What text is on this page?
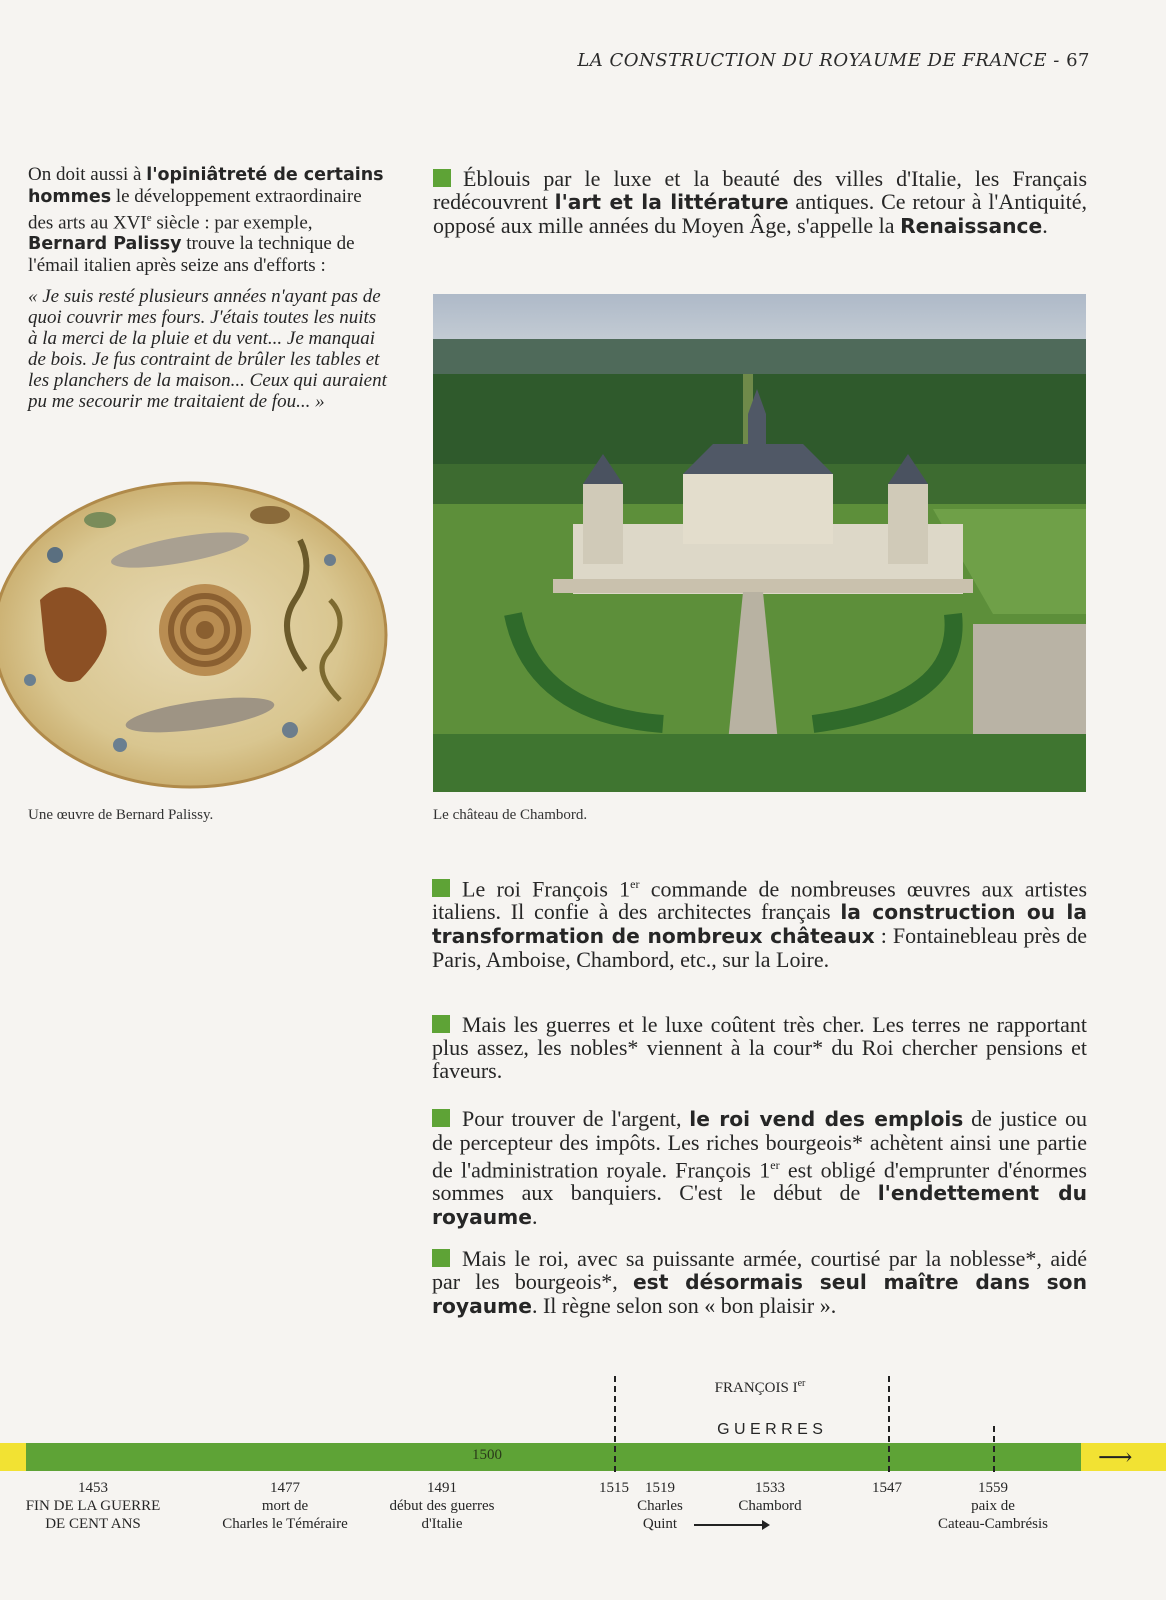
LA CONSTRUCTION DU ROYAUME DE FRANCE - 67

On doit aussi à l'opiniâtreté de certains hommes le développement extraordinaire des arts au XVIe siècle : par exemple, Bernard Palissy trouve la technique de l'émail italien après seize ans d'efforts :

« Je suis resté plusieurs années n'ayant pas de quoi couvrir mes fours. J'étais toutes les nuits à la merci de la pluie et du vent... Je manquai de bois. Je fus contraint de brûler les tables et les planchers de la maison... Ceux qui auraient pu me secourir me traitaient de fou... »

Une œuvre de Bernard Palissy.
Éblouis par le luxe et la beauté des villes d'Italie, les Français redécouvrent l'art et la littérature antiques. Ce retour à l'Antiquité, opposé aux mille années du Moyen Âge, s'appelle la Renaissance.
Le château de Chambord.
Le roi François 1er commande de nombreuses œuvres aux artistes italiens. Il confie à des architectes français la construction ou la transformation de nombreux châteaux : Fontainebleau près de Paris, Amboise, Chambord, etc., sur la Loire.
Mais les guerres et le luxe coûtent très cher. Les terres ne rapportant plus assez, les nobles* viennent à la cour* du Roi chercher pensions et faveurs.
Pour trouver de l'argent, le roi vend des emplois de justice ou de percepteur des impôts. Les riches bourgeois* achètent ainsi une partie de l'administration royale. François 1er est obligé d'emprunter d'énormes sommes aux banquiers. C'est le début de l'endettement du royaume.
Mais le roi, avec sa puissante armée, courtisé par la noblesse*, aidé par les bourgeois*, est désormais seul maître dans son royaume. Il règne selon son « bon plaisir ».
⟶
1500
FRANÇOIS Ier
G U E R R E S
1453
FIN DE LA GUERRE
DE CENT ANS
1477
mort de
Charles le Téméraire
1491
début des guerres
d'Italie
1515	1519
Charles
Quint
1533
Chambord
1547	1559
paix de
Cateau-Cambrésis
